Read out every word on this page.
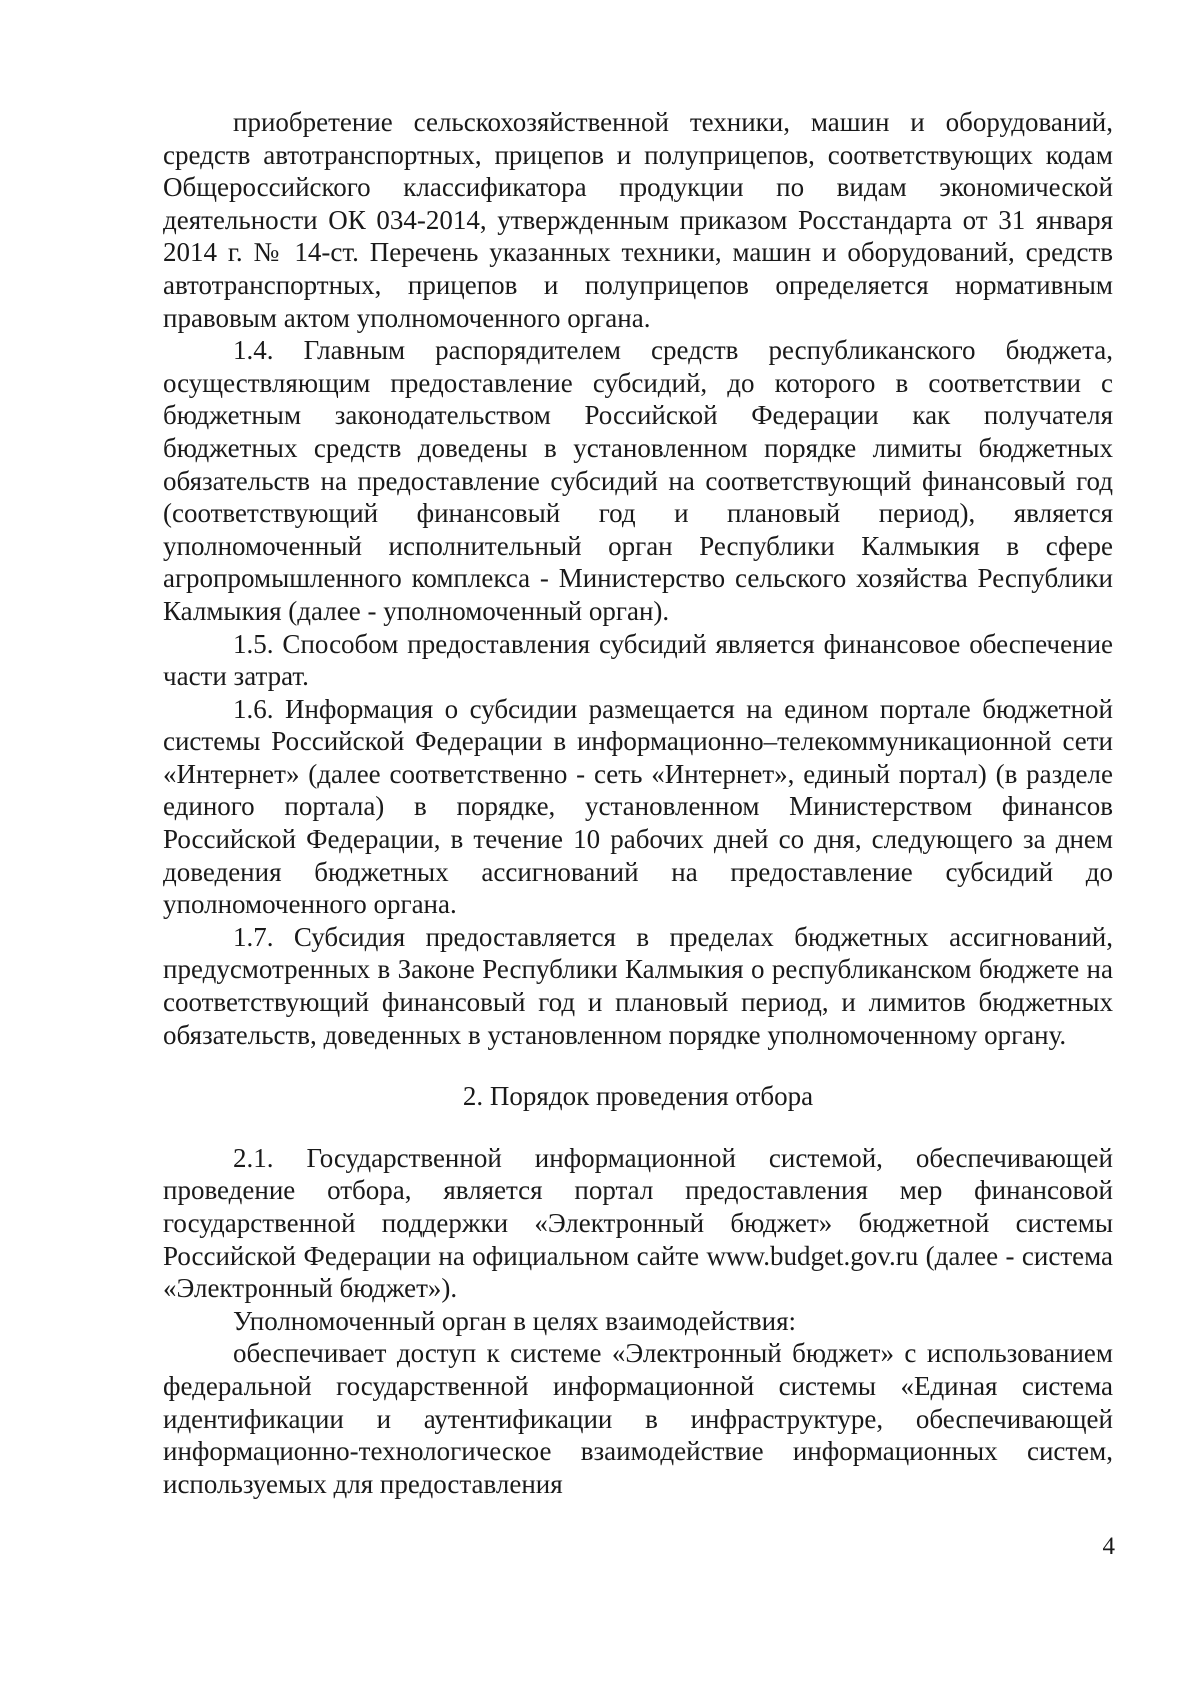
приобретение сельскохозяйственной техники, машин и оборудований, средств автотранспортных, прицепов и полуприцепов, соответствующих кодам Общероссийского классификатора продукции по видам экономической деятельности ОК 034-2014, утвержденным приказом Росстандарта от 31 января 2014 г. № 14-ст. Перечень указанных техники, машин и оборудований, средств автотранспортных, прицепов и полуприцепов определяется нормативным правовым актом уполномоченного органа.

1.4. Главным распорядителем средств республиканского бюджета, осуществляющим предоставление субсидий, до которого в соответствии с бюджетным законодательством Российской Федерации как получателя бюджетных средств доведены в установленном порядке лимиты бюджетных обязательств на предоставление субсидий на соответствующий финансовый год (соответствующий финансовый год и плановый период), является уполномоченный исполнительный орган Республики Калмыкия в сфере агропромышленного комплекса - Министерство сельского хозяйства Республики Калмыкия (далее - уполномоченный орган).

1.5. Способом предоставления субсидий является финансовое обеспечение части затрат.

1.6. Информация о субсидии размещается на едином портале бюджетной системы Российской Федерации в информационно–телекоммуникационной сети «Интернет» (далее соответственно - сеть «Интернет», единый портал) (в разделе единого портала) в порядке, установленном Министерством финансов Российской Федерации, в течение 10 рабочих дней со дня, следующего за днем доведения бюджетных ассигнований на предоставление субсидий до уполномоченного органа.

1.7. Субсидия предоставляется в пределах бюджетных ассигнований, предусмотренных в Законе Республики Калмыкия о республиканском бюджете на соответствующий финансовый год и плановый период, и лимитов бюджетных обязательств, доведенных в установленном порядке уполномоченному органу.

2. Порядок проведения отбора

2.1. Государственной информационной системой, обеспечивающей проведение отбора, является портал предоставления мер финансовой государственной поддержки «Электронный бюджет» бюджетной системы Российской Федерации на официальном сайте www.budget.gov.ru (далее - система «Электронный бюджет»).

Уполномоченный орган в целях взаимодействия:

обеспечивает доступ к системе «Электронный бюджет» с использованием федеральной государственной информационной системы «Единая система идентификации и аутентификации в инфраструктуре, обеспечивающей информационно-технологическое взаимодействие информационных систем, используемых для предоставления

4
